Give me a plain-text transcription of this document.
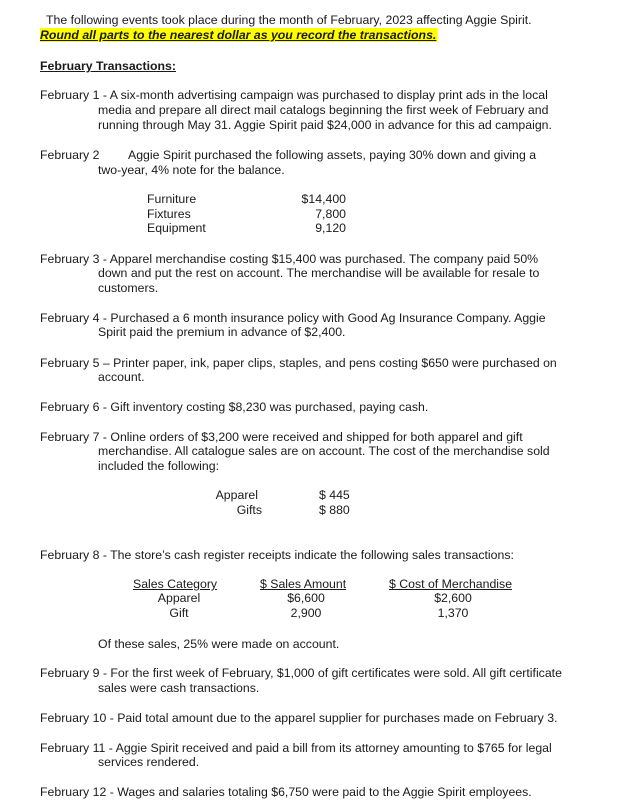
The following events took place during the month of February, 2023 affecting Aggie Spirit.
Round all parts to the nearest dollar as you record the transactions.
February Transactions:
February 1 - A six-month advertising campaign was purchased to display print ads in the local
media and prepare all direct mail catalogs beginning the first week of February and
running through May 31. Aggie Spirit paid $24,000 in advance for this ad campaign.
February 2 Aggie Spirit purchased the following assets, paying 30% down and giving a
two-year, 4% note for the balance.
Furniture	$14,400
Fixtures	7,800
Equipment	9,120
February 3 - Apparel merchandise costing $15,400 was purchased. The company paid 50%
down and put the rest on account. The merchandise will be available for resale to
customers.
February 4 - Purchased a 6 month insurance policy with Good Ag Insurance Company. Aggie
Spirit paid the premium in advance of $2,400.
February 5 – Printer paper, ink, paper clips, staples, and pens costing $650 were purchased on
account.
February 6 - Gift inventory costing $8,230 was purchased, paying cash.
February 7 - Online orders of $3,200 were received and shipped for both apparel and gift
merchandise. All catalogue sales are on account. The cost of the merchandise sold
included the following:
Apparel	$ 445
Gifts	$ 880
February 8 - The store’s cash register receipts indicate the following sales transactions:
Sales Category	$ Sales Amount	$ Cost of Merchandise
Apparel	$6,600	$2,600
Gift	2,900	1,370
Of these sales, 25% were made on account.
February 9 - For the first week of February, $1,000 of gift certificates were sold. All gift certificate
sales were cash transactions.
February 10 - Paid total amount due to the apparel supplier for purchases made on February 3.
February 11 - Aggie Spirit received and paid a bill from its attorney amounting to $765 for legal
services rendered.
February 12 - Wages and salaries totaling $6,750 were paid to the Aggie Spirit employees.
